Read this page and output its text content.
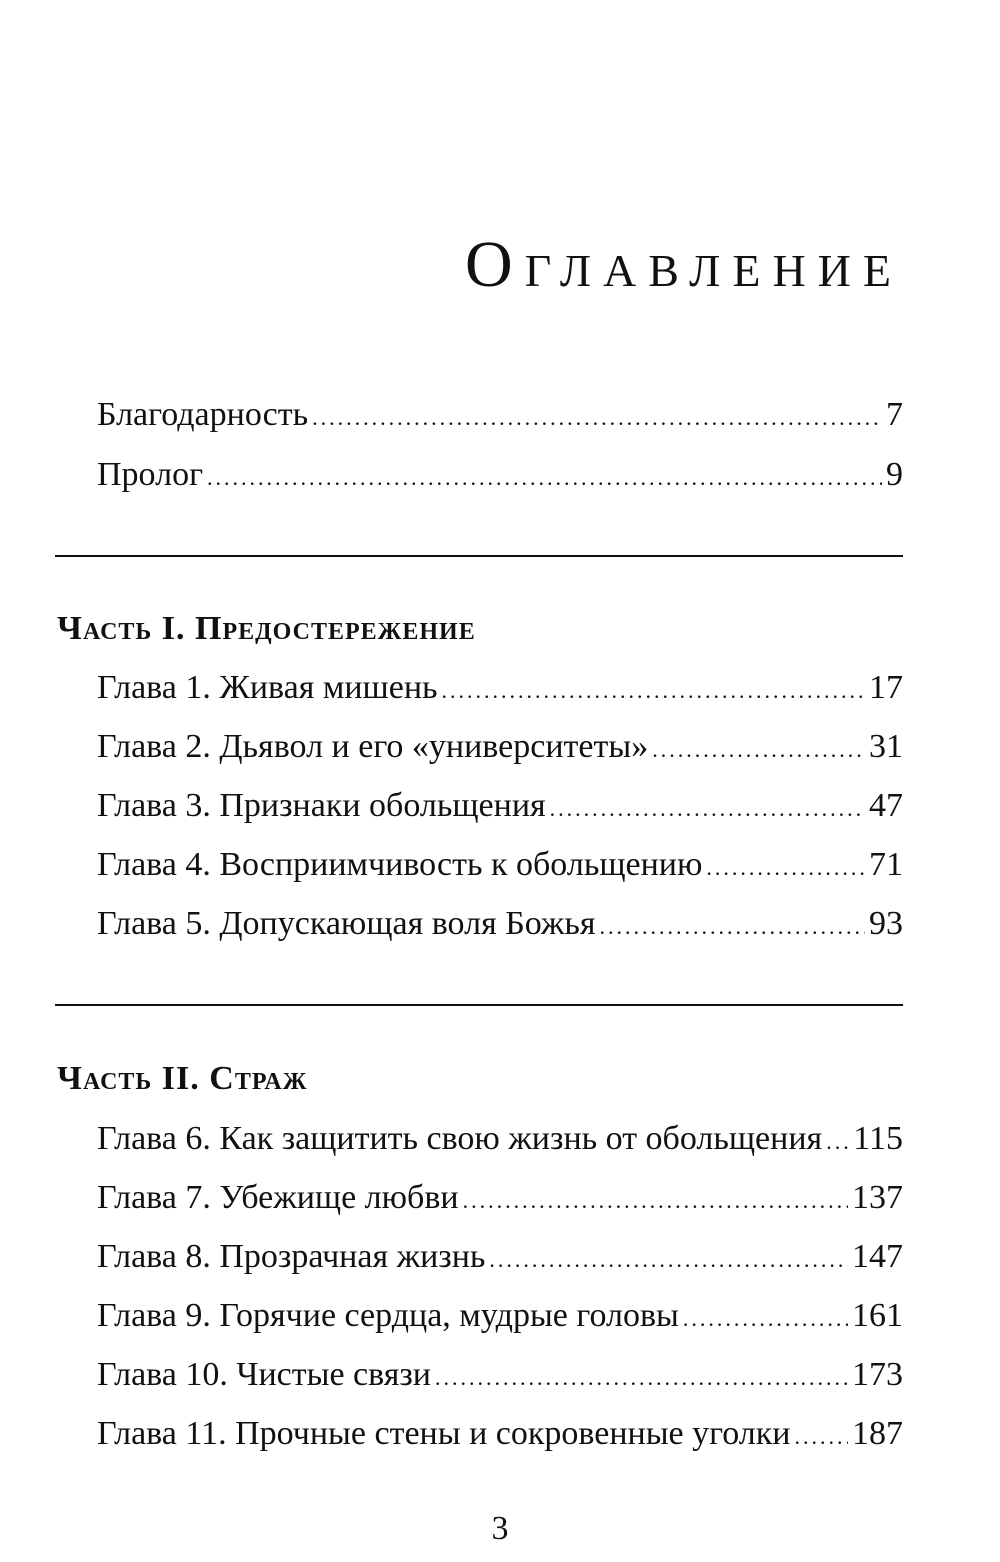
Оглавление
Благодарность .....	7
Пролог .....	9
Часть I. Предостережение
Глава 1. Живая мишень .....	17
Глава 2. Дьявол и его «университеты» .....	31
Глава 3. Признаки обольщения .....	47
Глава 4. Восприимчивость к обольщению .....	71
Глава 5. Допускающая воля Божья .....	93
Часть II. Страж
Глава 6. Как защитить свою жизнь от обольщения ..... 115
Глава 7. Убежище любви .....	137
Глава 8. Прозрачная жизнь .....	147
Глава 9. Горячие сердца, мудрые головы .....	161
Глава 10. Чистые связи .....	173
Глава 11. Прочные стены и сокровенные уголки ..... 187
3
